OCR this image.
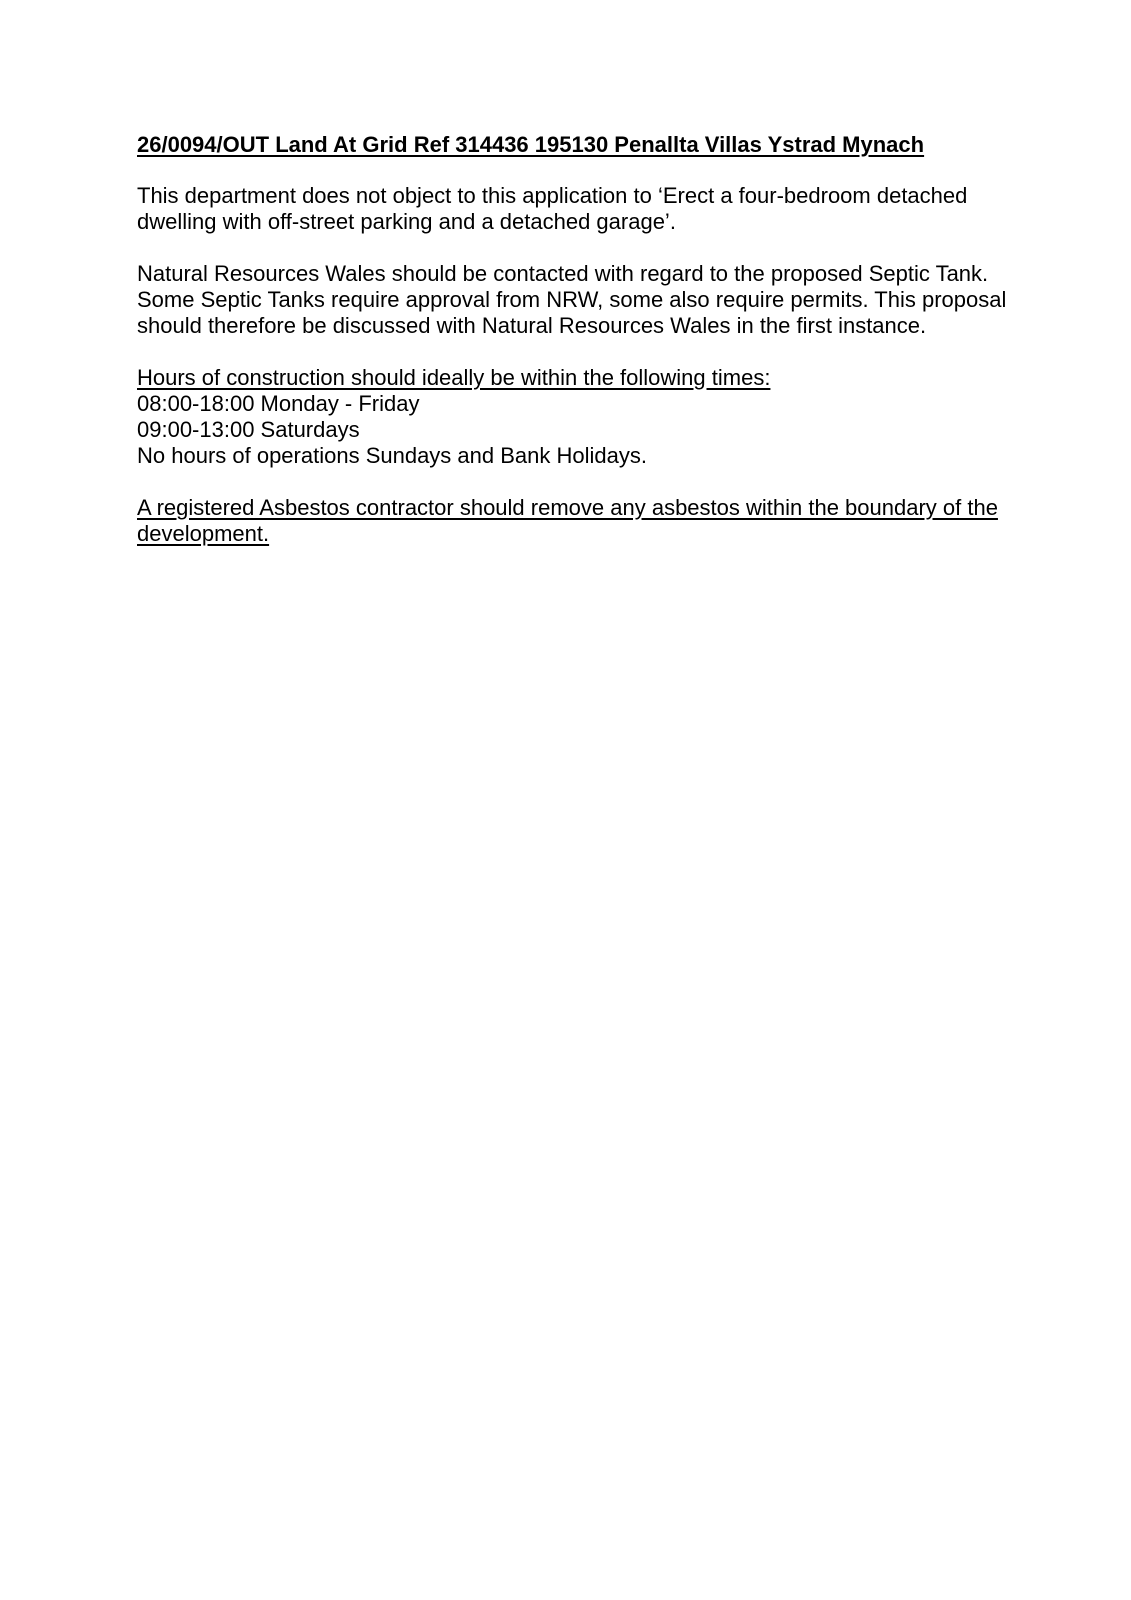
26/0094/OUT Land At Grid Ref 314436 195130 Penallta Villas Ystrad Mynach

This department does not object to this application to ‘Erect a four-bedroom detached dwelling with off-street parking and a detached garage’.

Natural Resources Wales should be contacted with regard to the proposed Septic Tank. Some Septic Tanks require approval from NRW, some also require permits. This proposal should therefore be discussed with Natural Resources Wales in the first instance.

Hours of construction should ideally be within the following times:
08:00-18:00 Monday - Friday
09:00-13:00 Saturdays
No hours of operations Sundays and Bank Holidays.

A registered Asbestos contractor should remove any asbestos within the boundary of the development.
